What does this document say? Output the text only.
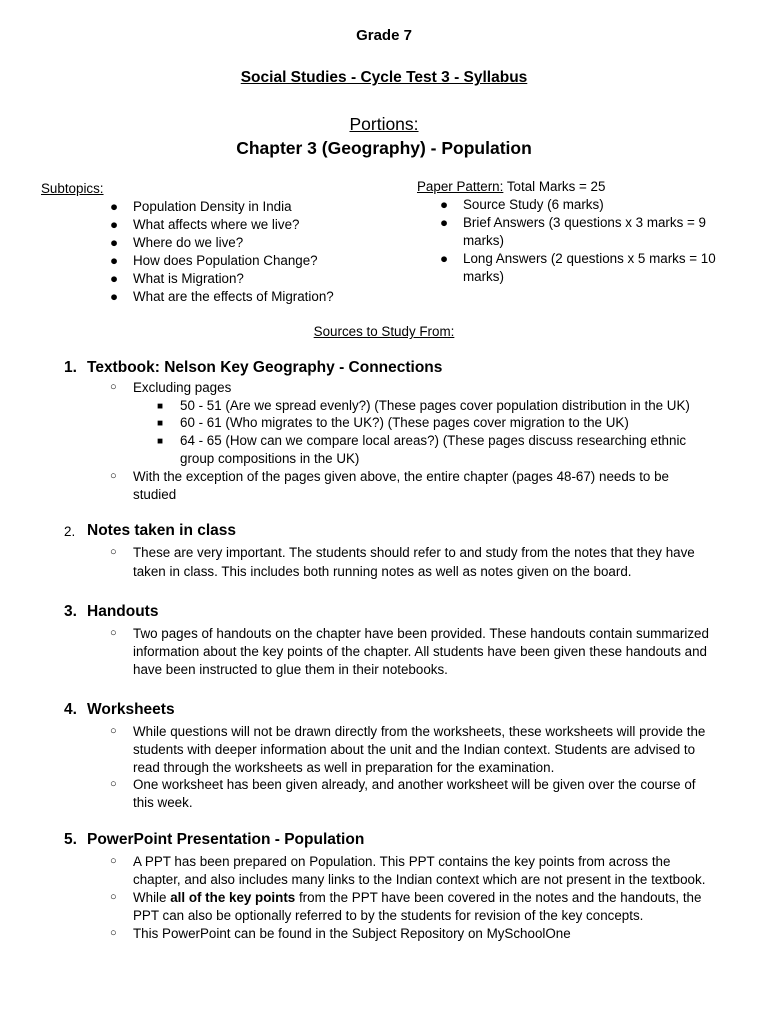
Grade 7
Social Studies - Cycle Test 3 - Syllabus
Portions:
Chapter 3 (Geography) - Population
Subtopics:
● Population Density in India
● What affects where we live?
● Where do we live?
● How does Population Change?
● What is Migration?
● What are the effects of Migration?
Paper Pattern: Total Marks = 25
● Source Study (6 marks)
● Brief Answers (3 questions x 3 marks = 9
marks)
● Long Answers (2 questions x 5 marks = 10
marks)
Sources to Study From:
1. Textbook: Nelson Key Geography - Connections
○ Excluding pages
■ 50 - 51 (Are we spread evenly?) (These pages cover population distribution in the UK)
■ 60 - 61 (Who migrates to the UK?) (These pages cover migration to the UK)
■ 64 - 65 (How can we compare local areas?) (These pages discuss researching ethnic
group compositions in the UK)
○ With the exception of the pages given above, the entire chapter (pages 48-67) needs to be
studied
2. Notes taken in class
○ These are very important. The students should refer to and study from the notes that they have
taken in class. This includes both running notes as well as notes given on the board.
3. Handouts
○ Two pages of handouts on the chapter have been provided. These handouts contain summarized
information about the key points of the chapter. All students have been given these handouts and
have been instructed to glue them in their notebooks.
4. Worksheets
○ While questions will not be drawn directly from the worksheets, these worksheets will provide the
students with deeper information about the unit and the Indian context. Students are advised to
read through the worksheets as well in preparation for the examination.
○ One worksheet has been given already, and another worksheet will be given over the course of
this week.
5. PowerPoint Presentation - Population
○ A PPT has been prepared on Population. This PPT contains the key points from across the
chapter, and also includes many links to the Indian context which are not present in the textbook.
○ While all of the key points from the PPT have been covered in the notes and the handouts, the
PPT can also be optionally referred to by the students for revision of the key concepts.
○ This PowerPoint can be found in the Subject Repository on MySchoolOne
